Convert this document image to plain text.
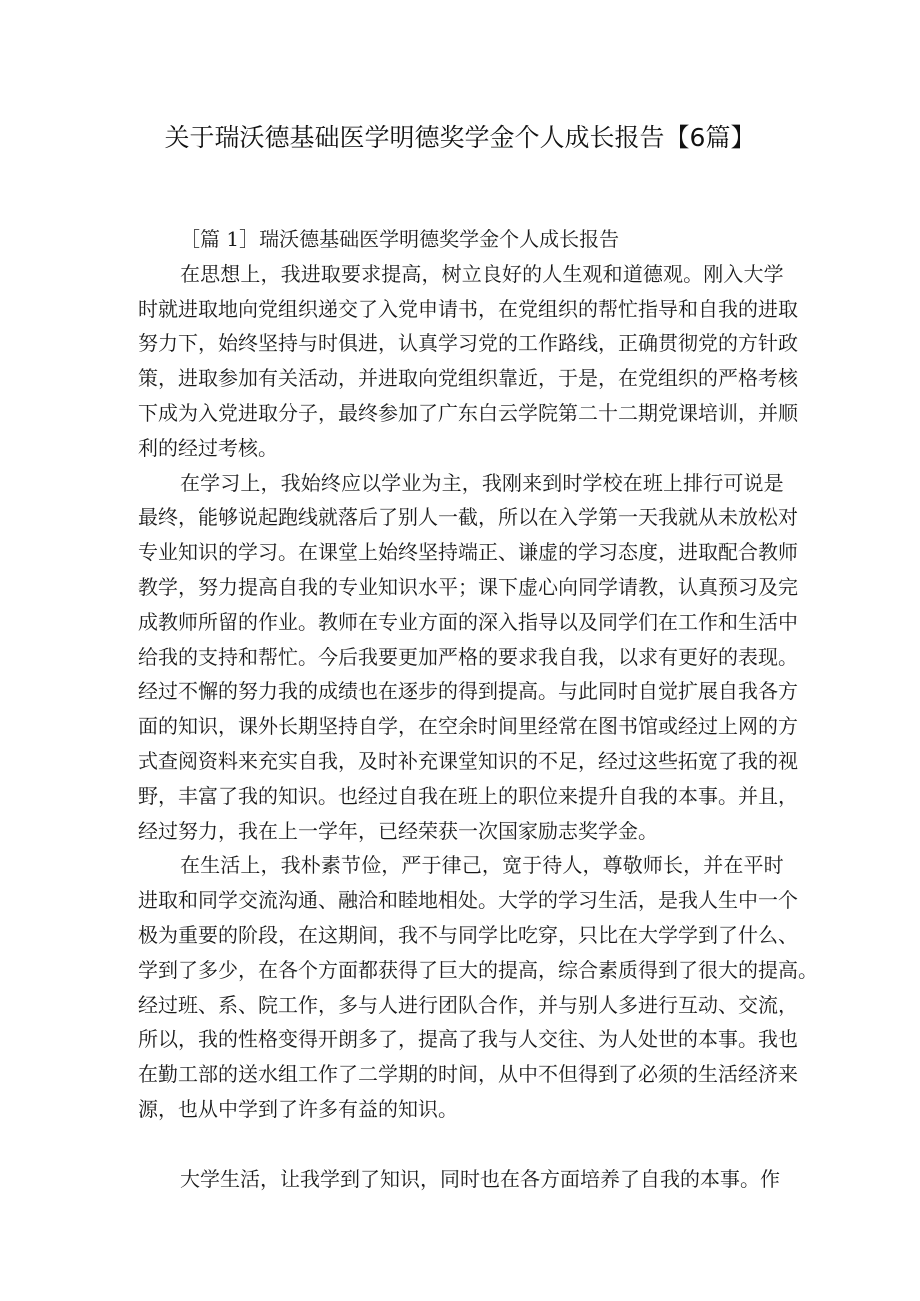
关于瑞沃德基础医学明德奖学金个人成长报告【6篇】
［篇 1］瑞沃德基础医学明德奖学金个人成长报告
在 思 想 上 ， 我 进 取 要 求 提 高 ， 树 立 良 好 的 人 生 观 和 道 德 观 。 刚 入 大 学
时 就 进 取 地 向 党 组 织 递 交 了 入 党 申 请 书 ， 在 党 组 织 的 帮 忙 指 导 和 自 我 的 进 取
努 力 下 ， 始 终 坚 持 与 时 俱 进 ， 认 真 学 习 党 的 工 作 路 线 ， 正 确 贯 彻 党 的 方 针 政
策 ， 进 取 参 加 有 关 活 动 ， 并 进 取 向 党 组 织 靠 近 ， 于 是 ， 在 党 组 织 的 严 格 考 核
下 成 为 入 党 进 取 分 子 ， 最 终 参 加 了 广 东 白 云 学 院 第 二 十 二 期 党 课 培 训 ， 并 顺
利的经过考核。
在 学 习 上 ， 我 始 终 应 以 学 业 为 主 ， 我 刚 来 到 时 学 校 在 班 上 排 行 可 说 是
最 终 ， 能 够 说 起 跑 线 就 落 后 了 别 人 一 截 ， 所 以 在 入 学 第 一 天 我 就 从 未 放 松 对
专 业 知 识 的 学 习 。 在 课 堂 上 始 终 坚 持 端 正 、 谦 虚 的 学 习 态 度 ， 进 取 配 合 教 师
教 学 ， 努 力 提 高 自 我 的 专 业 知 识 水 平 ； 课 下 虚 心 向 同 学 请 教 ， 认 真 预 习 及 完
成 教 师 所 留 的 作 业 。 教 师 在 专 业 方 面 的 深 入 指 导 以 及 同 学 们 在 工 作 和 生 活 中
给 我 的 支 持 和 帮 忙 。 今 后 我 要 更 加 严 格 的 要 求 我 自 我 ， 以 求 有 更 好 的 表 现 。
经 过 不 懈 的 努 力 我 的 成 绩 也 在 逐 步 的 得 到 提 高 。 与 此 同 时 自 觉 扩 展 自 我 各 方
面 的 知 识 ， 课 外 长 期 坚 持 自 学 ， 在 空 余 时 间 里 经 常 在 图 书 馆 或 经 过 上 网 的 方
式 查 阅 资 料 来 充 实 自 我 ， 及 时 补 充 课 堂 知 识 的 不 足 ， 经 过 这 些 拓 宽 了 我 的 视
野 ， 丰 富 了 我 的 知 识 。 也 经 过 自 我 在 班 上 的 职 位 来 提 升 自 我 的 本 事 。 并 且 ，
经过努力，我在上一学年，已经荣获一次国家励志奖学金。
在 生 活 上 ， 我 朴 素 节 俭 ， 严 于 律 己 ， 宽 于 待 人 ， 尊 敬 师 长 ， 并 在 平 时
进 取 和 同 学 交 流 沟 通 、 融 洽 和 睦 地 相 处 。 大 学 的 学 习 生 活 ， 是 我 人 生 中 一 个
极 为 重 要 的 阶 段 ， 在 这 期 间 ， 我 不 与 同 学 比 吃 穿 ， 只 比 在 大 学 学 到 了 什 么 、
学 到 了 多 少 ， 在 各 个 方 面 都 获 得 了 巨 大 的 提 高 ， 综 合 素 质 得 到 了 很 大 的 提 高 。
经 过 班 、 系 、 院 工 作 ， 多 与 人 进 行 团 队 合 作 ， 并 与 别 人 多 进 行 互 动 、 交 流 ，
所 以 ， 我 的 性 格 变 得 开 朗 多 了 ， 提 高 了 我 与 人 交 往 、 为 人 处 世 的 本 事 。 我 也
在 勤 工 部 的 送 水 组 工 作 了 二 学 期 的 时 间 ， 从 中 不 但 得 到 了 必 须 的 生 活 经 济 来
源，也从中学到了许多有益的知识。
大学生活，让我学到了知识，同时也在各方面培养了自我的本事。作
